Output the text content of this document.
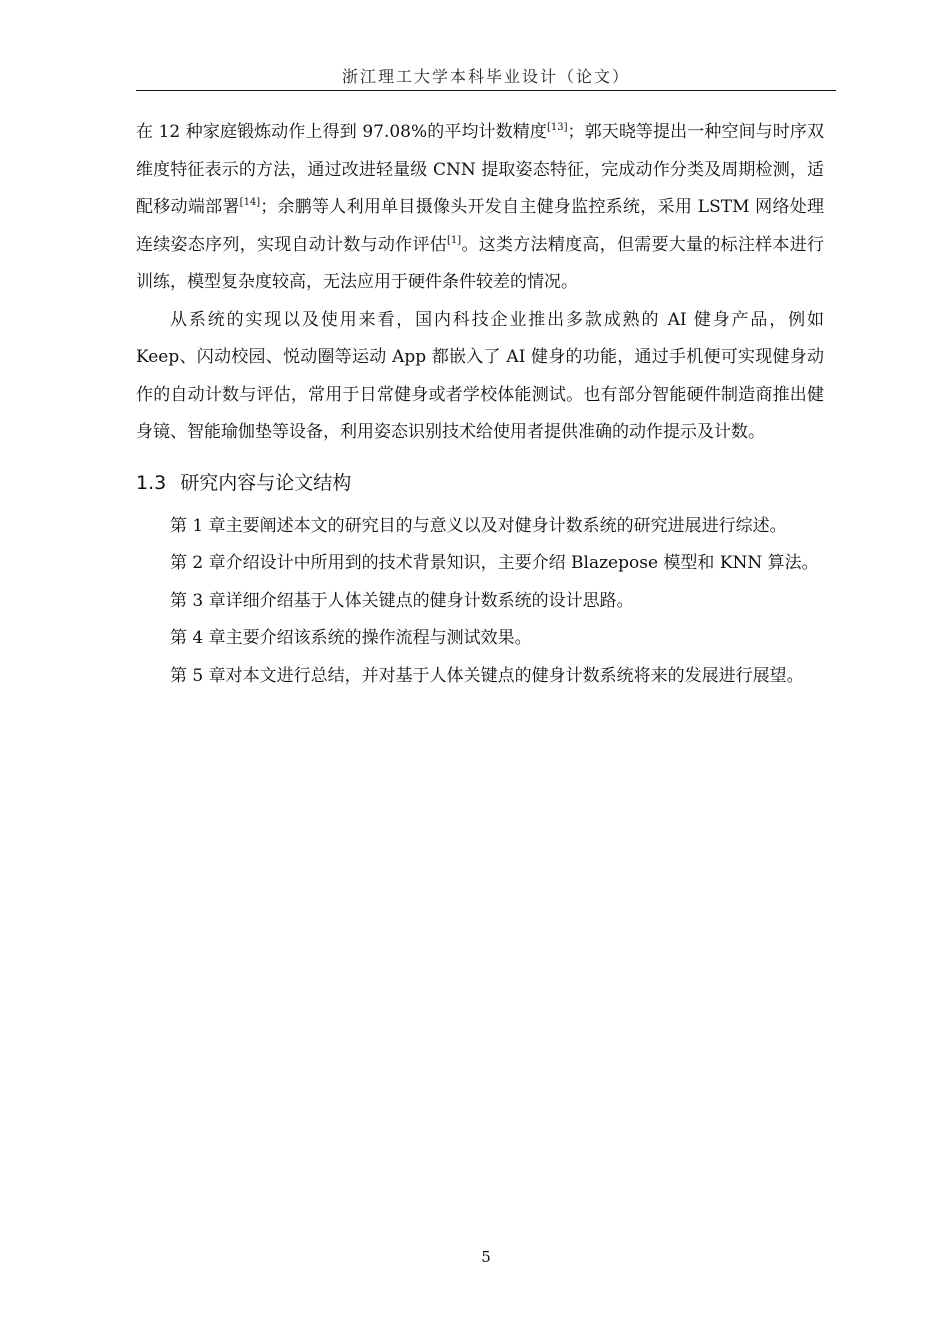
浙江理工大学本科毕业设计（论文）

在 12 种家庭锻炼动作上得到 97.08%的平均计数精度[13]；郭天晓等提出一种空间与时序双维度特征表示的方法，通过改进轻量级 CNN 提取姿态特征，完成动作分类及周期检测，适配移动端部署[14]；余鹏等人利用单目摄像头开发自主健身监控系统，采用 LSTM 网络处理连续姿态序列，实现自动计数与动作评估[1]。这类方法精度高，但需要大量的标注样本进行训练，模型复杂度较高，无法应用于硬件条件较差的情况。

从系统的实现以及使用来看，国内科技企业推出多款成熟的 AI 健身产品，例如 Keep、闪动校园、悦动圈等运动 App 都嵌入了 AI 健身的功能，通过手机便可实现健身动作的自动计数与评估，常用于日常健身或者学校体能测试。也有部分智能硬件制造商推出健身镜、智能瑜伽垫等设备，利用姿态识别技术给使用者提供准确的动作提示及计数。

1.3 研究内容与论文结构

第 1 章主要阐述本文的研究目的与意义以及对健身计数系统的研究进展进行综述。

第 2 章介绍设计中所用到的技术背景知识，主要介绍 Blazepose 模型和 KNN 算法。

第 3 章详细介绍基于人体关键点的健身计数系统的设计思路。

第 4 章主要介绍该系统的操作流程与测试效果。

第 5 章对本文进行总结，并对基于人体关键点的健身计数系统将来的发展进行展望。

5
